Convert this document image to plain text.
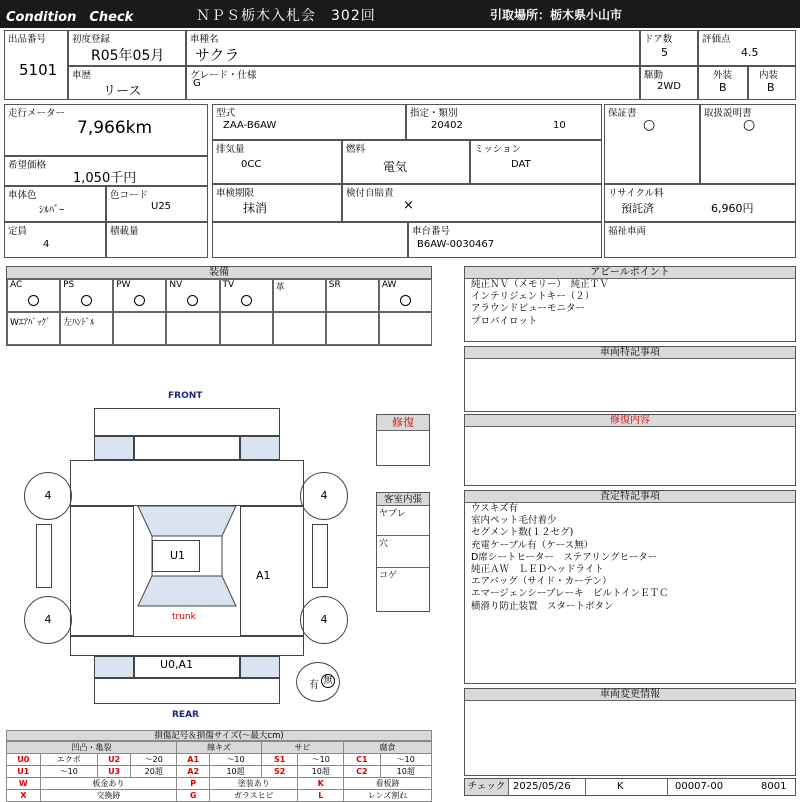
Condition　Check	ＮＰＳ栃木入札会　302回	引取場所：栃木県小山市
出品番号
5101
初度登録
R05年05月
車種名
サクラ
ドア数
5
評価点
4.5
車歴
リース
グレード・仕様
G
駆動
2WD
外装
B
内装
B
走行メーター
7,966km
希望価格
1,050千円
車体色
ｼﾙﾊﾞｰ
色コード
U25
定員
4
積載量
型式
ZAA-B6AW
指定・類別
20402	10
排気量
0CC
燃料
電気
ミッション
DAT
車検期限
抹消
検付自賠責
×
車台番号
B6AW-0030467
保証書
○
取扱説明書
○
リサイクル料
預託済	6,960円
福祉車両
装備
AC	PS	PW	NV	TV	革	SR	AW
Wｴｱﾊﾞｯｸﾞ 左ﾊﾝﾄﾞﾙ
FRONT
REAR
U1
A1
trunk
U0,A1
4	4
4	4
有 無
修復
客室内張
ヤブレ
穴
コゲ
アピールポイント
純正ＮＶ（メモリー）　純正ＴＶ
インテリジェントキー（２）
アラウンドビューモニター
プロパイロット
車両特記事項
修復内容
査定特記事項
ウスキズ有
室内ペット毛付着少
セグメント数(１２セグ)
充電ケーブル有（ケース無）
D席シートヒーター　ステアリングヒーター
純正ＡＷ　ＬＥＤヘッドライト
エアバッグ（サイド・カーテン）
エマージェンシーブレーキ　ビルトインＥＴＣ
横滑り防止装置　スタートボタン
車両変更情報
チェック 2025/05/26	K	00007-00	8001
損傷記号＆損傷サイズ(〜最大cm)
凹凸・亀裂				線キズ		サビ		腐食	
U0	エクボ	U2	〜20	A1	〜10	S1	〜10	C1	〜10
U1	〜10	U3	20超	A2	10超	S2	10超	C2	10超
W	板金あり			P	塗装あり		K	看板跡	
X	交換跡			G	ガラスヒビ		L	レンズ割れ	
